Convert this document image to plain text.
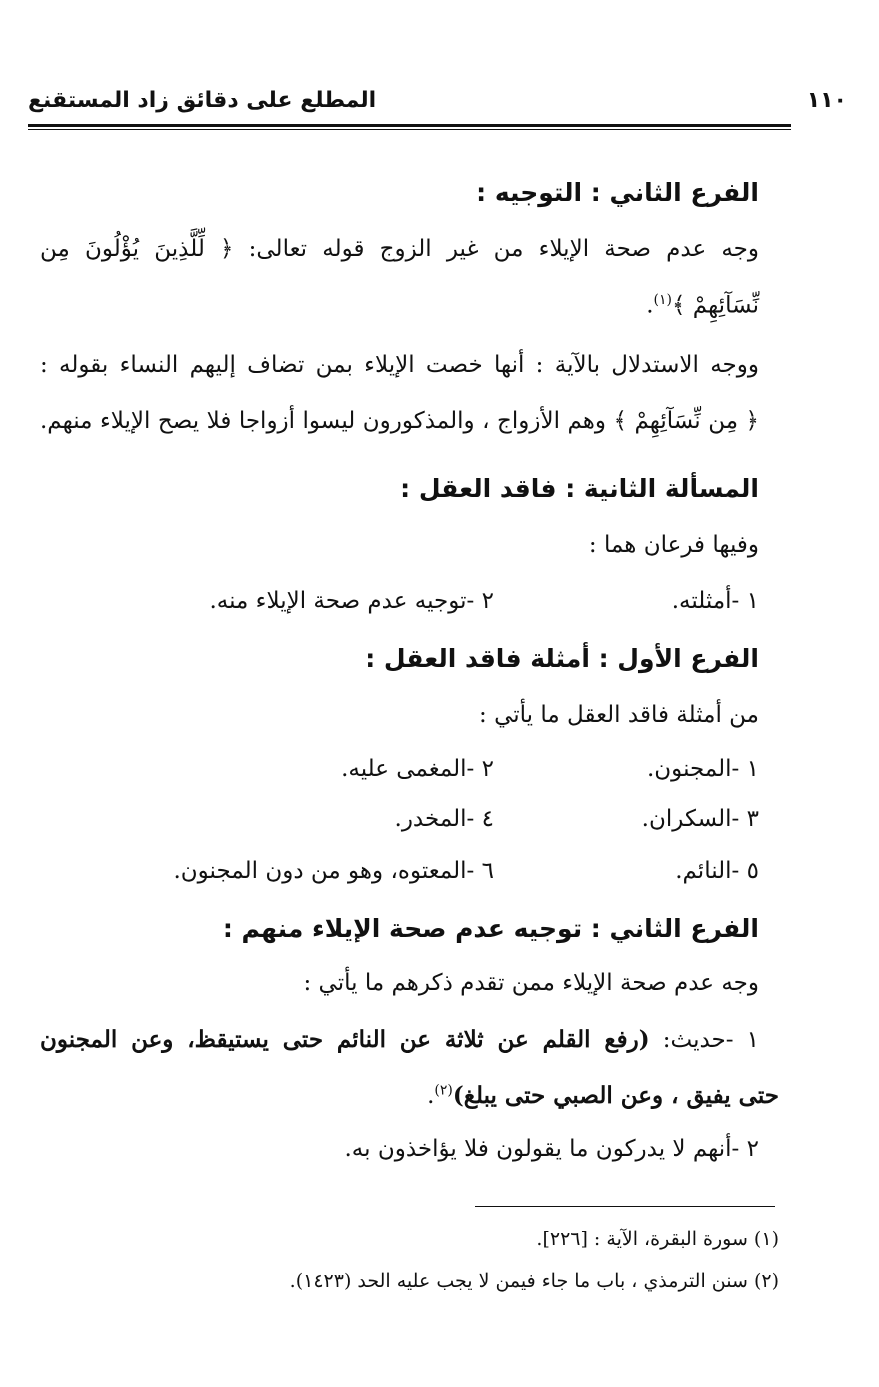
١١٠
المطلع على دقائق زاد المستقنع
الفرع الثاني : التوجيه :
وجه عدم صحة الإيلاء من غير الزوج قوله تعالى: ﴿ لِّلَّذِينَ يُؤْلُونَ مِن
نِّسَآئِهِمْ ﴾$^{(١)}$.
ووجه الاستدلال بالآية : أنها خصت الإيلاء بمن تضاف إليهم النساء بقوله :
﴿ مِن نِّسَآئِهِمْ ﴾ وهم الأزواج ، والمذكورون ليسوا أزواجا فلا يصح الإيلاء منهم.
المسألة الثانية : فاقد العقل :
وفيها فرعان هما :
١ -أمثلته.
٢ -توجيه عدم صحة الإيلاء منه.
الفرع الأول : أمثلة فاقد العقل :
من أمثلة فاقد العقل ما يأتي :
١ -المجنون.
٢ -المغمى عليه.
٣ -السكران.
٤ -المخدر.
٥ -النائم.
٦ -المعتوه، وهو من دون المجنون.
الفرع الثاني : توجيه عدم صحة الإيلاء منهم :
وجه عدم صحة الإيلاء ممن تقدم ذكرهم ما يأتي :
١ -حديث: (رفع القلم عن ثلاثة عن النائم حتى يستيقظ، وعن المجنون
حتى يفيق ، وعن الصبي حتى يبلغ)$^{(٢)}$.
٢ -أنهم لا يدركون ما يقولون فلا يؤاخذون به.
(١) سورة البقرة، الآية : [٢٢٦].
(٢) سنن الترمذي ، باب ما جاء فيمن لا يجب عليه الحد (١٤٢٣).
